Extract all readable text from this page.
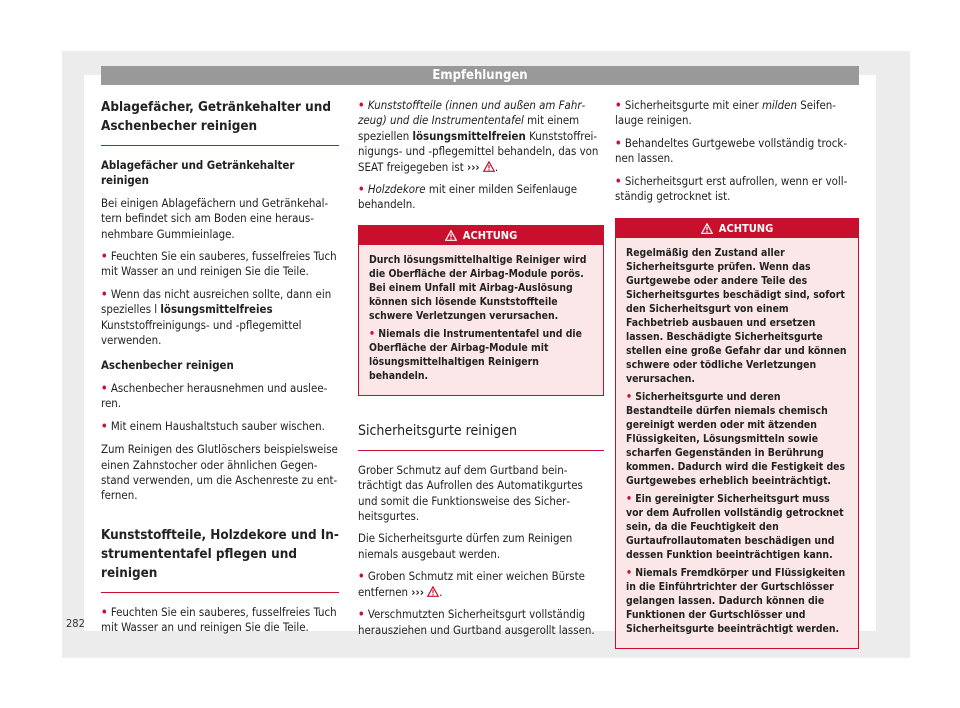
Empfehlungen
Ablagefächer, Getränkehalter und Aschenbecher reinigen

Ablagefächer und Getränkehalter reinigen

Bei einigen Ablagefächern und Getränkehaltern befindet sich am Boden eine herausnehmbare Gummieinlage.

• Feuchten Sie ein sauberes, fusselfreies Tuch mit Wasser an und reinigen Sie die Teile.

• Wenn das nicht ausreichen sollte, dann ein spezielles l lösungsmittelfreies Kunststoffreinigungs- und -pflegemittel verwenden.

Aschenbecher reinigen

• Aschenbecher herausnehmen und ausleeren.

• Mit einem Haushaltstuch sauber wischen.

Zum Reinigen des Glutlöschers beispielsweise einen Zahnstocher oder ähnlichen Gegenstand verwenden, um die Aschenreste zu entfernen.

Kunststoffteile, Holzdekore und Instrumententafel pflegen und reinigen

• Feuchten Sie ein sauberes, fusselfreies Tuch mit Wasser an und reinigen Sie die Teile.

• Kunststoffteile (innen und außen am Fahrzeug) und die Instrumententafel mit einem speziellen lösungsmittelfreien Kunststoffreinigungs- und -pflegemittel behandeln, das von SEAT freigegeben ist ››› .

• Holzdekore mit einer milden Seifenlauge behandeln.

ACHTUNG

Durch lösungsmittelhaltige Reiniger wird die Oberfläche der Airbag-Module porös. Bei einem Unfall mit Airbag-Auslösung können sich lösende Kunststoffteile schwere Verletzungen verursachen.

• Niemals die Instrumententafel und die Oberfläche der Airbag-Module mit lösungsmittelhaltigen Reinigern behandeln.

Sicherheitsgurte reinigen

Grober Schmutz auf dem Gurtband beinträchtigt das Aufrollen des Automatikgurtes und somit die Funktionsweise des Sicherheitsgurtes.

Die Sicherheitsgurte dürfen zum Reinigen niemals ausgebaut werden.

• Groben Schmutz mit einer weichen Bürste entfernen ››› .

• Verschmutzten Sicherheitsgurt vollständig herausziehen und Gurtband ausgerollt lassen.

• Sicherheitsgurte mit einer milden Seifenlauge reinigen.

• Behandeltes Gurtgewebe vollständig trocknen lassen.

• Sicherheitsgurt erst aufrollen, wenn er vollständig getrocknet ist.

ACHTUNG

Regelmäßig den Zustand aller Sicherheitsgurte prüfen. Wenn das Gurtgewebe oder andere Teile des Sicherheitsgurtes beschädigt sind, sofort den Sicherheitsgurt von einem Fachbetrieb ausbauen und ersetzen lassen. Beschädigte Sicherheitsgurte stellen eine große Gefahr dar und können schwere oder tödliche Verletzungen verursachen.

• Sicherheitsgurte und deren Bestandteile dürfen niemals chemisch gereinigt werden oder mit ätzenden Flüssigkeiten, Lösungsmitteln sowie scharfen Gegenständen in Berührung kommen. Dadurch wird die Festigkeit des Gurtgewebes erheblich beeinträchtigt.

• Ein gereinigter Sicherheitsgurt muss vor dem Aufrollen vollständig getrocknet sein, da die Feuchtigkeit den Gurtaufrollautomaten beschädigen und dessen Funktion beeinträchtigen kann.

• Niemals Fremdkörper und Flüssigkeiten in die Einführtrichter der Gurtschlösser gelangen lassen. Dadurch können die Funktionen der Gurtschlösser und Sicherheitsgurte beeinträchtigt werden.

282
